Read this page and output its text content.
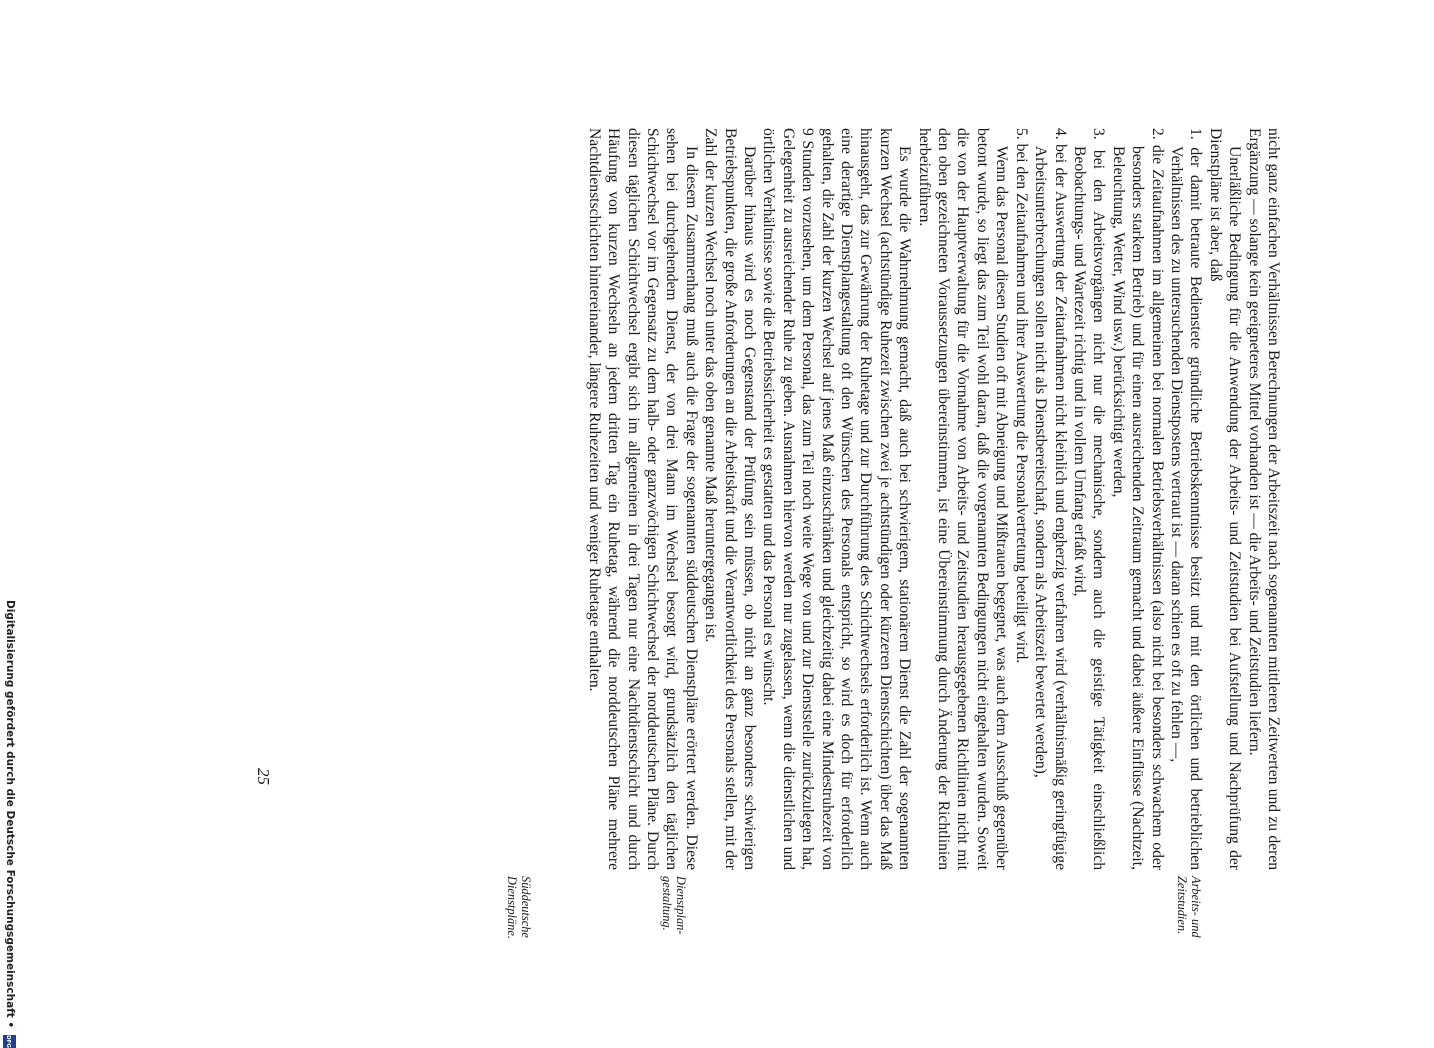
nicht ganz einfachen Verhältnissen Berechnungen der Arbeitszeit nach sogenannten mittleren Zeitwerten und zu deren Ergänzung — solange kein geeigneteres Mittel vorhanden ist — die Arbeits- und Zeitstudien liefern.

Unerläßliche Bedingung für die Anwendung der Arbeits- und Zeitstudien bei Aufstellung und Nachprüfung der Dienstpläne ist aber, daß

1. der damit betraute Bedienstete gründliche Betriebskenntnisse besitzt und mit den örtlichen und betrieblichen Verhältnissen des zu untersuchenden Dienstpostens vertraut ist — daran schien es oft zu fehlen —,

2. die Zeitaufnahmen im allgemeinen bei normalen Betriebsverhältnissen (also nicht bei besonders schwachem oder besonders starkem Betrieb) und für einen ausreichenden Zeitraum gemacht und dabei äußere Einflüsse (Nachtzeit, Beleuchtung, Wetter, Wind usw.) berücksichtigt werden,

3. bei den Arbeitsvorgängen nicht nur die mechanische, sondern auch die geistige Tätigkeit einschließlich Beobachtungs- und Wartezeit richtig und in vollem Umfang erfaßt wird,

4. bei der Auswertung der Zeitaufnahmen nicht kleinlich und engherzig verfahren wird (verhältnismäßig geringfügige Arbeitsunterbrechungen sollen nicht als Dienstbereitschaft, sondern als Arbeitszeit bewertet werden),

5. bei den Zeitaufnahmen und ihrer Auswertung die Personalvertretung beteiligt wird.

Wenn das Personal diesen Studien oft mit Abneigung und Mißtrauen begegnet, was auch dem Ausschuß gegenüber betont wurde, so liegt das zum Teil wohl daran, daß die vorgenannten Bedingungen nicht eingehalten wurden. Soweit die von der Hauptverwaltung für die Vornahme von Arbeits- und Zeitstudien herausgegebenen Richtlinien nicht mit den oben gezeichneten Voraussetzungen übereinstimmen, ist eine Übereinstimmung durch Änderung der Richtlinien herbeizuführen.

Es wurde die Wahrnehmung gemacht, daß auch bei schwierigem, stationärem Dienst die Zahl der sogenannten kurzen Wechsel (achtstündige Ruhezeit zwischen zwei je achtstündigen oder kürzeren Dienstschichten) über das Maß hinausgeht, das zur Gewährung der Ruhetage und zur Durchführung des Schichtwechsels erforderlich ist. Wenn auch eine derartige Dienstplangestaltung oft den Wünschen des Personals entspricht, so wird es doch für erforderlich gehalten, die Zahl der kurzen Wechsel auf jenes Maß einzuschränken und gleichzeitig dabei eine Mindestruhezeit von 9 Stunden vorzusehen, um dem Personal, das zum Teil noch weite Wege von und zur Dienststelle zurückzulegen hat, Gelegenheit zu ausreichender Ruhe zu geben. Ausnahmen hiervon werden nur zugelassen, wenn die dienstlichen und örtlichen Verhältnisse sowie die Betriebssicherheit es gestatten und das Personal es wünscht.

Darüber hinaus wird es noch Gegenstand der Prüfung sein müssen, ob nicht an ganz besonders schwierigen Betriebspunkten, die große Anforderungen an die Arbeitskraft und die Verantwortlichkeit des Personals stellen, mit der Zahl der kurzen Wechsel noch unter das oben genannte Maß heruntergegangen ist.

In diesem Zusammenhang muß auch die Frage der sogenannten süddeutschen Dienstpläne erörtert werden. Diese sehen bei durchgehendem Dienst, der von drei Mann im Wechsel besorgt wird, grundsätzlich den täglichen Schichtwechsel vor im Gegensatz zu dem halb- oder ganzwöchigen Schichtwechsel der norddeutschen Pläne. Durch diesen täglichen Schichtwechsel ergibt sich im allgemeinen in drei Tagen nur eine Nachtdienstschicht und durch Häufung von kurzen Wechseln an jedem dritten Tag ein Ruhetag, während die norddeutschen Pläne mehrere Nachtdienstschichten hintereinander, längere Ruhezeiten und weniger Ruhetage enthalten.

Arbeits- und Zeitstudien.
Dienstplan-gestaltung.
Süddeutsche Dienstpläne.
25
Digitalisierung gefördert durch die Deutsche Forschungsgemeinschaft •
DFG
